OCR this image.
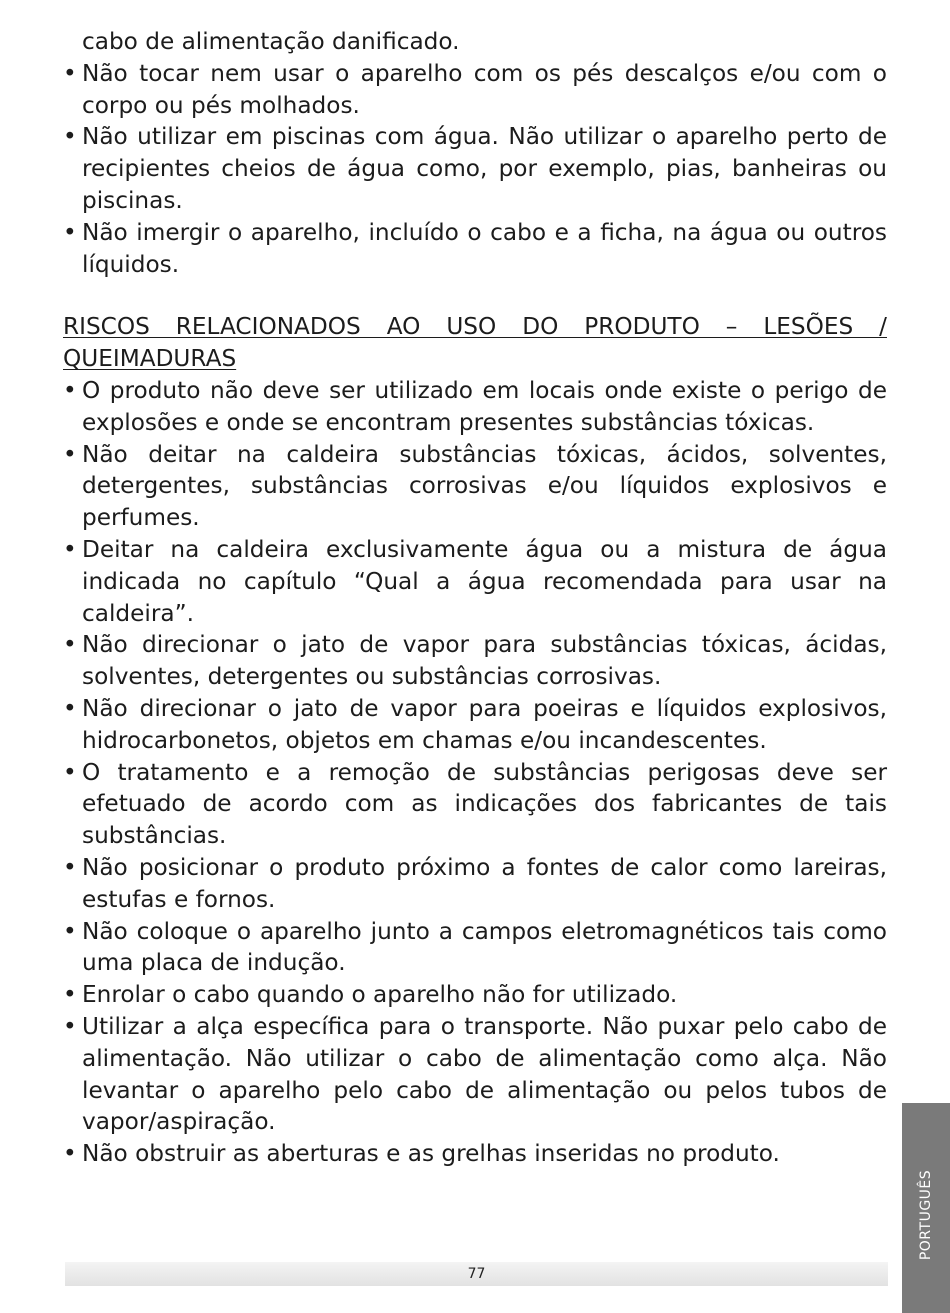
cabo de alimentação danificado.

• Não tocar nem usar o aparelho com os pés descalços e/ou com o corpo ou pés molhados.

• Não utilizar em piscinas com água. Não utilizar o aparelho perto de recipientes cheios de água como, por exemplo, pias, banheiras ou piscinas.

• Não imergir o aparelho, incluído o cabo e a ficha, na água ou outros líquidos.

RISCOS RELACIONADOS AO USO DO PRODUTO – LESÕES / QUEIMADURAS

• O produto não deve ser utilizado em locais onde existe o perigo de explosões e onde se encontram presentes substâncias tóxicas.

• Não deitar na caldeira substâncias tóxicas, ácidos, solventes, detergentes, substâncias corrosivas e/ou líquidos explosivos e perfumes.

• Deitar na caldeira exclusivamente água ou a mistura de água indicada no capítulo “Qual a água recomendada para usar na caldeira”.

• Não direcionar o jato de vapor para substâncias tóxicas, ácidas, solventes, detergentes ou substâncias corrosivas.

• Não direcionar o jato de vapor para poeiras e líquidos explosivos, hidrocarbonetos, objetos em chamas e/ou incandescentes.

• O tratamento e a remoção de substâncias perigosas deve ser efetuado de acordo com as indicações dos fabricantes de tais substâncias.

• Não posicionar o produto próximo a fontes de calor como lareiras, estufas e fornos.

• Não coloque o aparelho junto a campos eletromagnéticos tais como uma placa de indução.

• Enrolar o cabo quando o aparelho não for utilizado.

• Utilizar a alça específica para o transporte. Não puxar pelo cabo de alimentação. Não utilizar o cabo de alimentação como alça. Não levantar o aparelho pelo cabo de alimentação ou pelos tubos de vapor/aspiração.

• Não obstruir as aberturas e as grelhas inseridas no produto.

77
PORTUGUÊS
